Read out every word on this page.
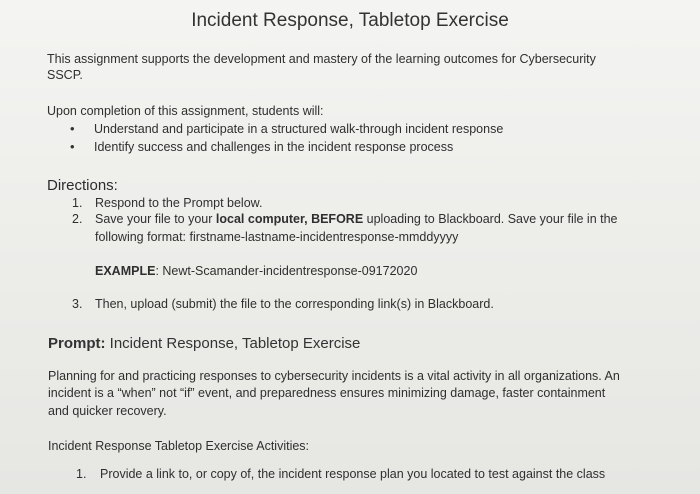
Incident Response, Tabletop Exercise
This assignment supports the development and mastery of the learning outcomes for Cybersecurity
SSCP.
Upon completion of this assignment, students will:
• Understand and participate in a structured walk-through incident response
• Identify success and challenges in the incident response process
Directions:
1. Respond to the Prompt below.
2. Save your file to your local computer, BEFORE uploading to Blackboard. Save your file in the
following format: firstname-lastname-incidentresponse-mmddyyyy
EXAMPLE: Newt-Scamander-incidentresponse-09172020
3. Then, upload (submit) the file to the corresponding link(s) in Blackboard.
Prompt: Incident Response, Tabletop Exercise
Planning for and practicing responses to cybersecurity incidents is a vital activity in all organizations. An
incident is a “when” not “if” event, and preparedness ensures minimizing damage, faster containment
and quicker recovery.
Incident Response Tabletop Exercise Activities:
1. Provide a link to, or copy of, the incident response plan you located to test against the class
